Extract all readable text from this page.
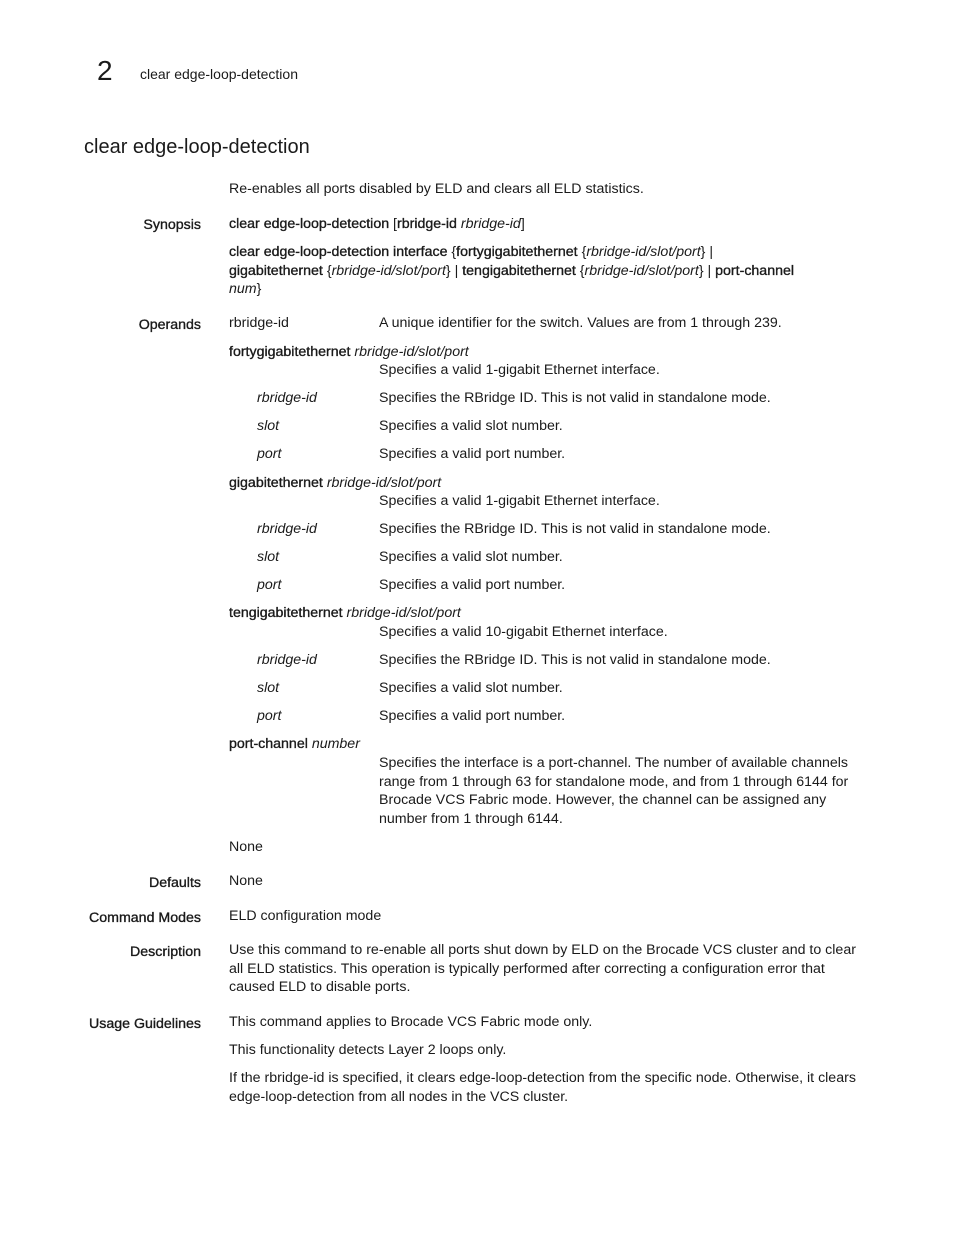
2 clear edge-loop-detection
clear edge-loop-detection
Re-enables all ports disabled by ELD and clears all ELD statistics.
Synopsis clear edge-loop-detection [rbridge-id rbridge-id]
clear edge-loop-detection interface {fortygigabitethernet {rbridge-id/slot/port} |
gigabitethernet {rbridge-id/slot/port} | tengigabitethernet {rbridge-id/slot/port} | port-channel
num}
Operands rbridge-id	A unique identifier for the switch. Values are from 1 through 239.
fortygigabitethernet rbridge-id/slot/port
Specifies a valid 1-gigabit Ethernet interface.
rbridge-id	Specifies the RBridge ID. This is not valid in standalone mode.
slot	Specifies a valid slot number.
port	Specifies a valid port number.
gigabitethernet rbridge-id/slot/port
Specifies a valid 1-gigabit Ethernet interface.
rbridge-id	Specifies the RBridge ID. This is not valid in standalone mode.
slot	Specifies a valid slot number.
port	Specifies a valid port number.
tengigabitethernet rbridge-id/slot/port
Specifies a valid 10-gigabit Ethernet interface.
rbridge-id	Specifies the RBridge ID. This is not valid in standalone mode.
slot	Specifies a valid slot number.
port	Specifies a valid port number.
port-channel number
Specifies the interface is a port-channel. The number of available channels range from 1 through 63 for standalone mode, and from 1 through 6144 for Brocade VCS Fabric mode. However, the channel can be assigned any number from 1 through 6144.
None
Defaults None
Command Modes ELD configuration mode
Description Use this command to re-enable all ports shut down by ELD on the Brocade VCS cluster and to clear all ELD statistics. This operation is typically performed after correcting a configuration error that caused ELD to disable ports.
Usage Guidelines This command applies to Brocade VCS Fabric mode only.
This functionality detects Layer 2 loops only.
If the rbridge-id is specified, it clears edge-loop-detection from the specific node. Otherwise, it clears edge-loop-detection from all nodes in the VCS cluster.
